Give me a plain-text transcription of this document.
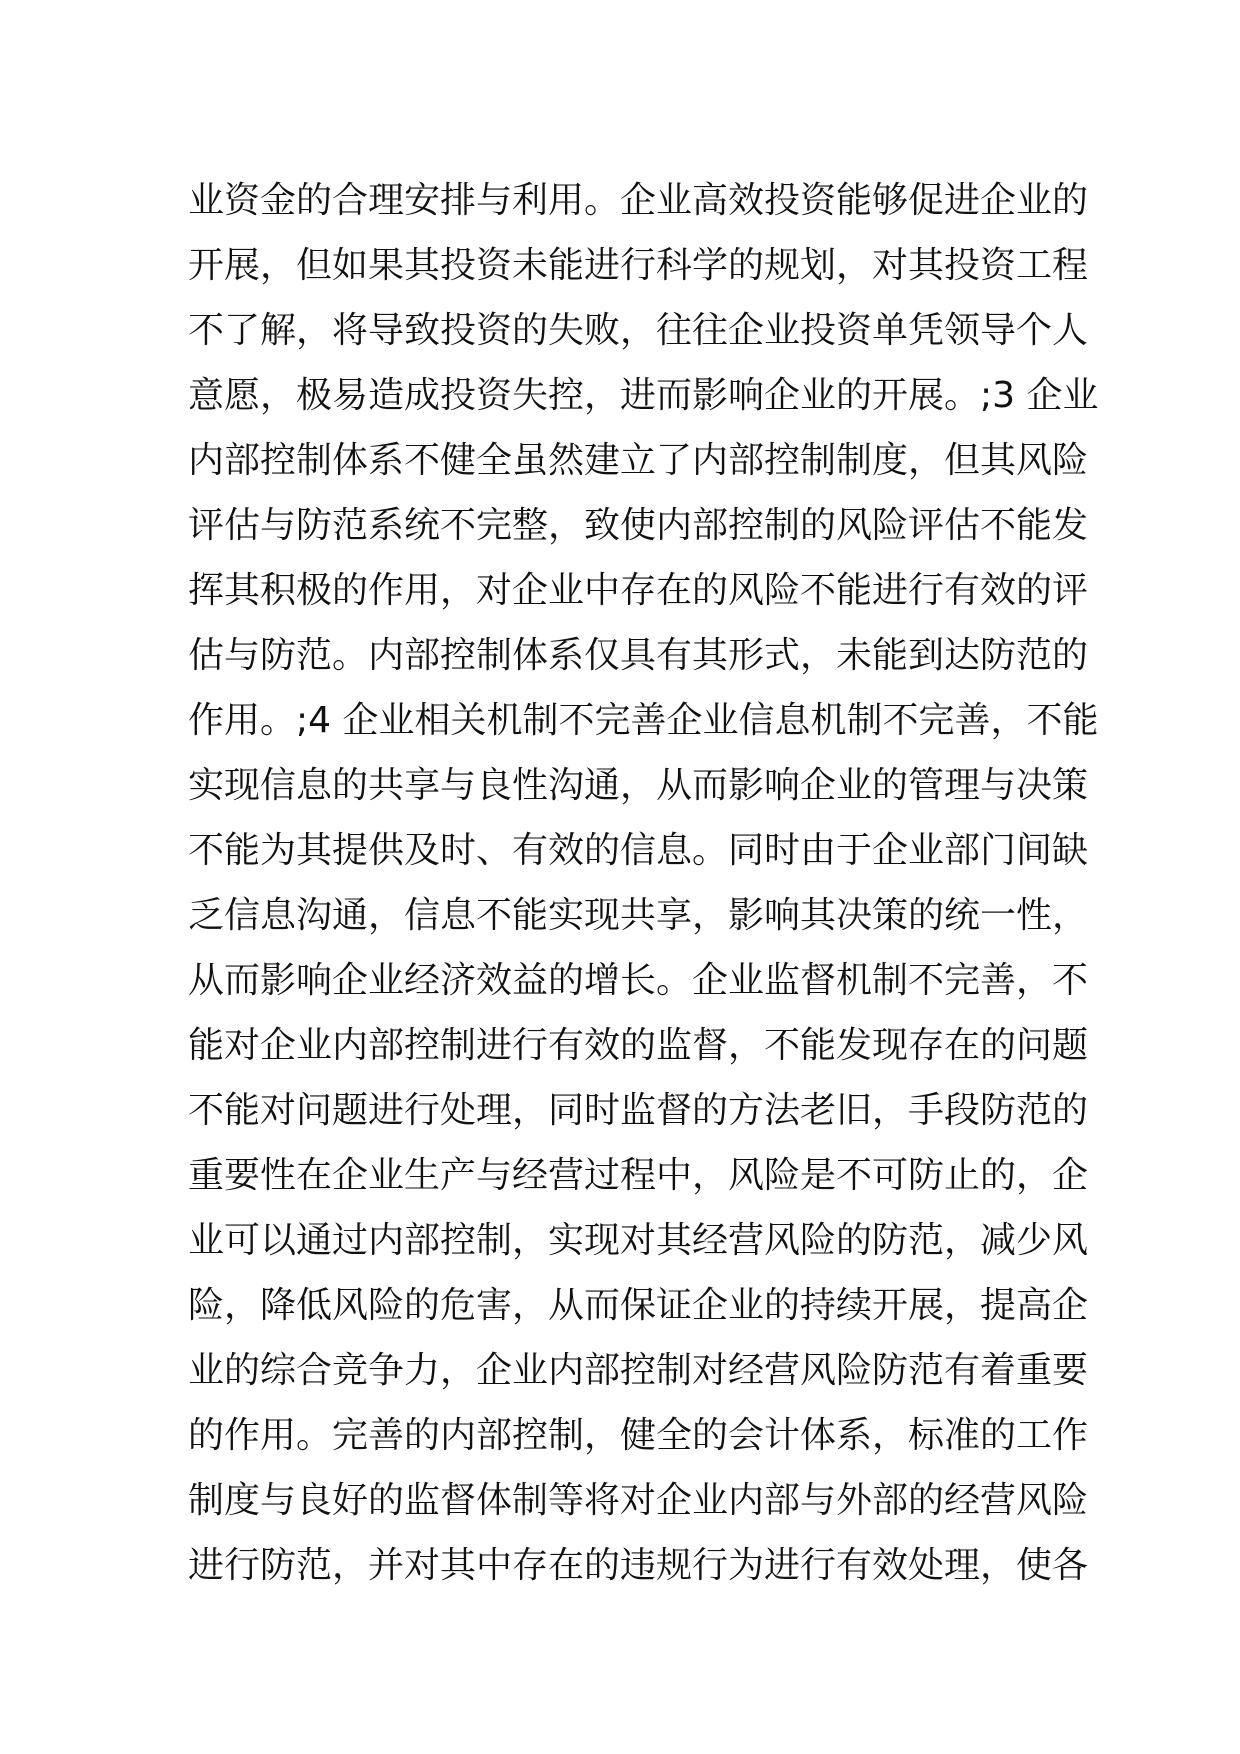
业资金的合理安排与利用。企业高效投资能够促进企业的
开展，但如果其投资未能进行科学的规划，对其投资工程
不了解，将导致投资的失败，往往企业投资单凭领导个人
意愿，极易造成投资失控，进而影响企业的开展。;3 企业
内部控制体系不健全虽然建立了内部控制制度，但其风险
评估与防范系统不完整，致使内部控制的风险评估不能发
挥其积极的作用，对企业中存在的风险不能进行有效的评
估与防范。内部控制体系仅具有其形式，未能到达防范的
作用。;4 企业相关机制不完善企业信息机制不完善，不能
实现信息的共享与良性沟通，从而影响企业的管理与决策
不能为其提供及时、有效的信息。同时由于企业部门间缺
乏信息沟通，信息不能实现共享，影响其决策的统一性，
从而影响企业经济效益的增长。企业监督机制不完善，不
能对企业内部控制进行有效的监督，不能发现存在的问题
不能对问题进行处理，同时监督的方法老旧，手段防范的
重要性在企业生产与经营过程中，风险是不可防止的，企
业可以通过内部控制，实现对其经营风险的防范，减少风
险，降低风险的危害，从而保证企业的持续开展，提高企
业的综合竞争力，企业内部控制对经营风险防范有着重要
的作用。完善的内部控制，健全的会计体系，标准的工作
制度与良好的监督体制等将对企业内部与外部的经营风险
进行防范，并对其中存在的违规行为进行有效处理，使各
